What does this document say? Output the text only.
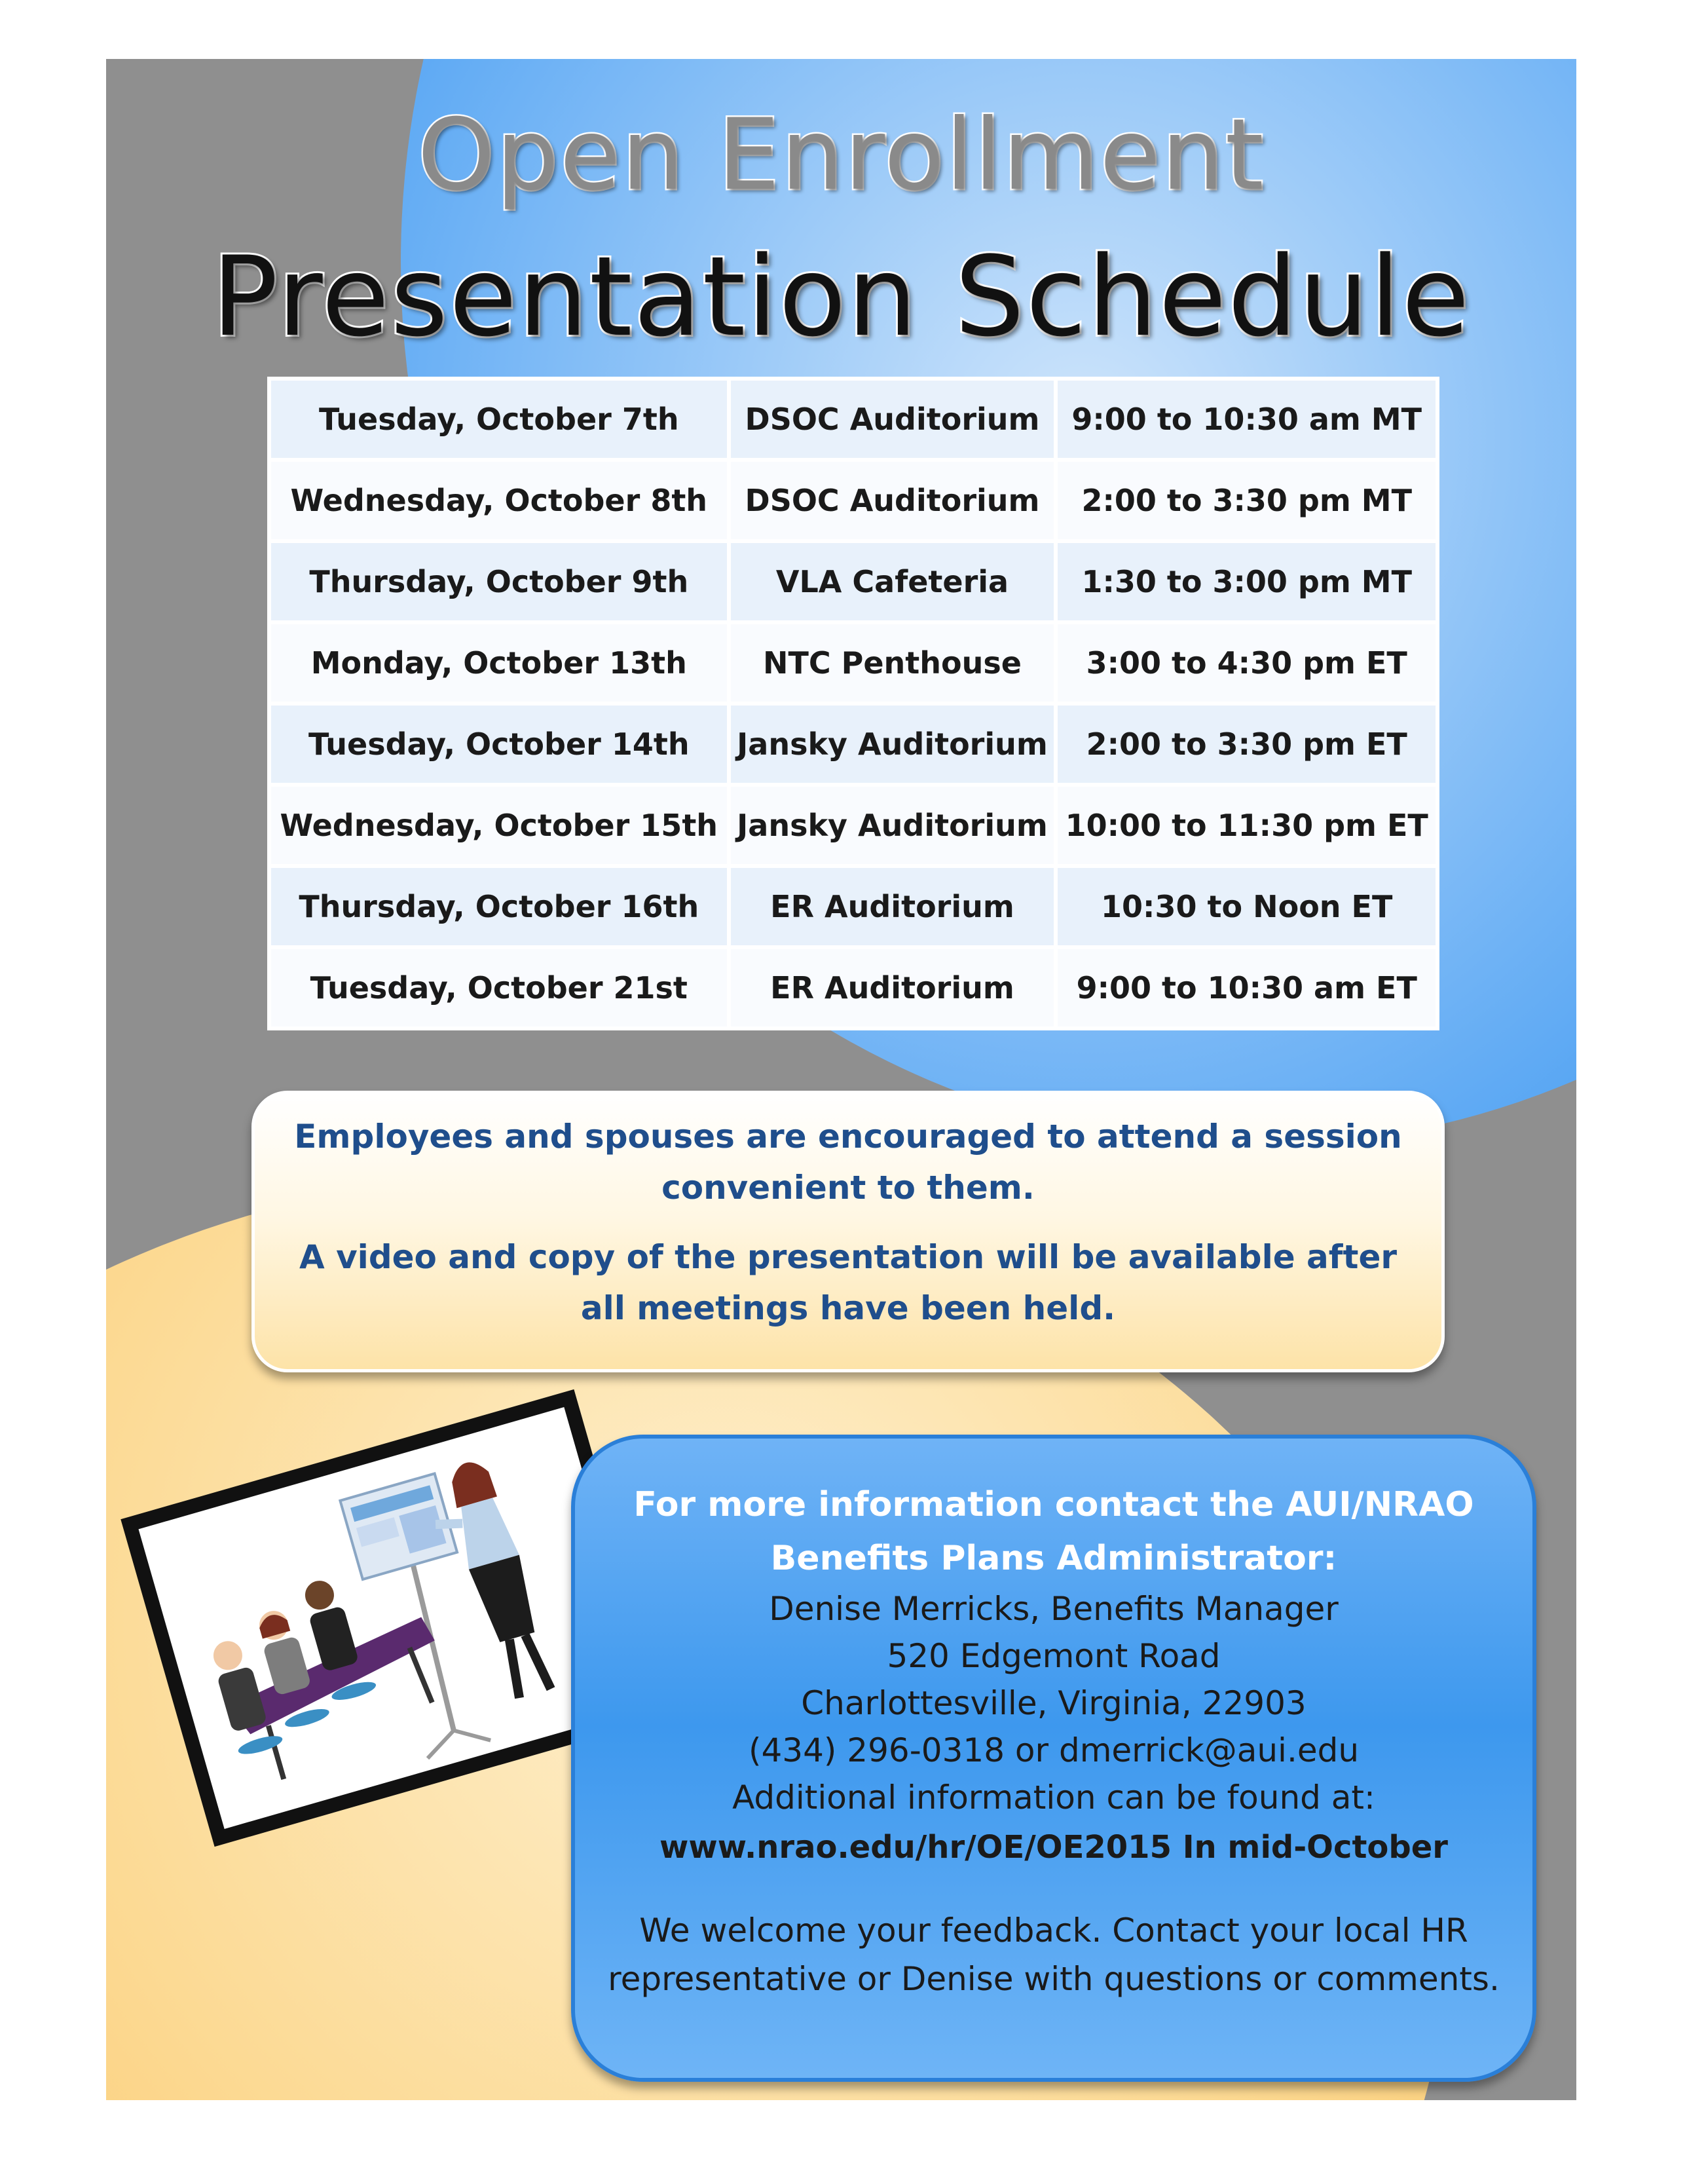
Open Enrollment
Presentation Schedule
Tuesday, October 7th	DSOC Auditorium	9:00 to 10:30 am MT
Wednesday, October 8th	DSOC Auditorium	2:00 to 3:30 pm MT
Thursday, October 9th	VLA Cafeteria	1:30 to 3:00 pm MT
Monday, October 13th	NTC Penthouse	3:00 to 4:30 pm ET
Tuesday, October 14th	Jansky Auditorium	2:00 to 3:30 pm ET
Wednesday, October 15th	Jansky Auditorium	10:00 to 11:30 pm ET
Thursday, October 16th	ER Auditorium	10:30 to Noon ET
Tuesday, October 21st	ER Auditorium	9:00 to 10:30 am ET

Employees and spouses are encouraged to attend a session convenient to them.

A video and copy of the presentation will be available after all meetings have been held.

For more information contact the AUI/NRAO
Benefits Plans Administrator:
Denise Merricks, Benefits Manager
520 Edgemont Road
Charlottesville, Virginia, 22903
(434) 296-0318 or dmerrick@aui.edu
Additional information can be found at:
www.nrao.edu/hr/OE/OE2015 In mid-October
We welcome your feedback. Contact your local HR
representative or Denise with questions or comments.
